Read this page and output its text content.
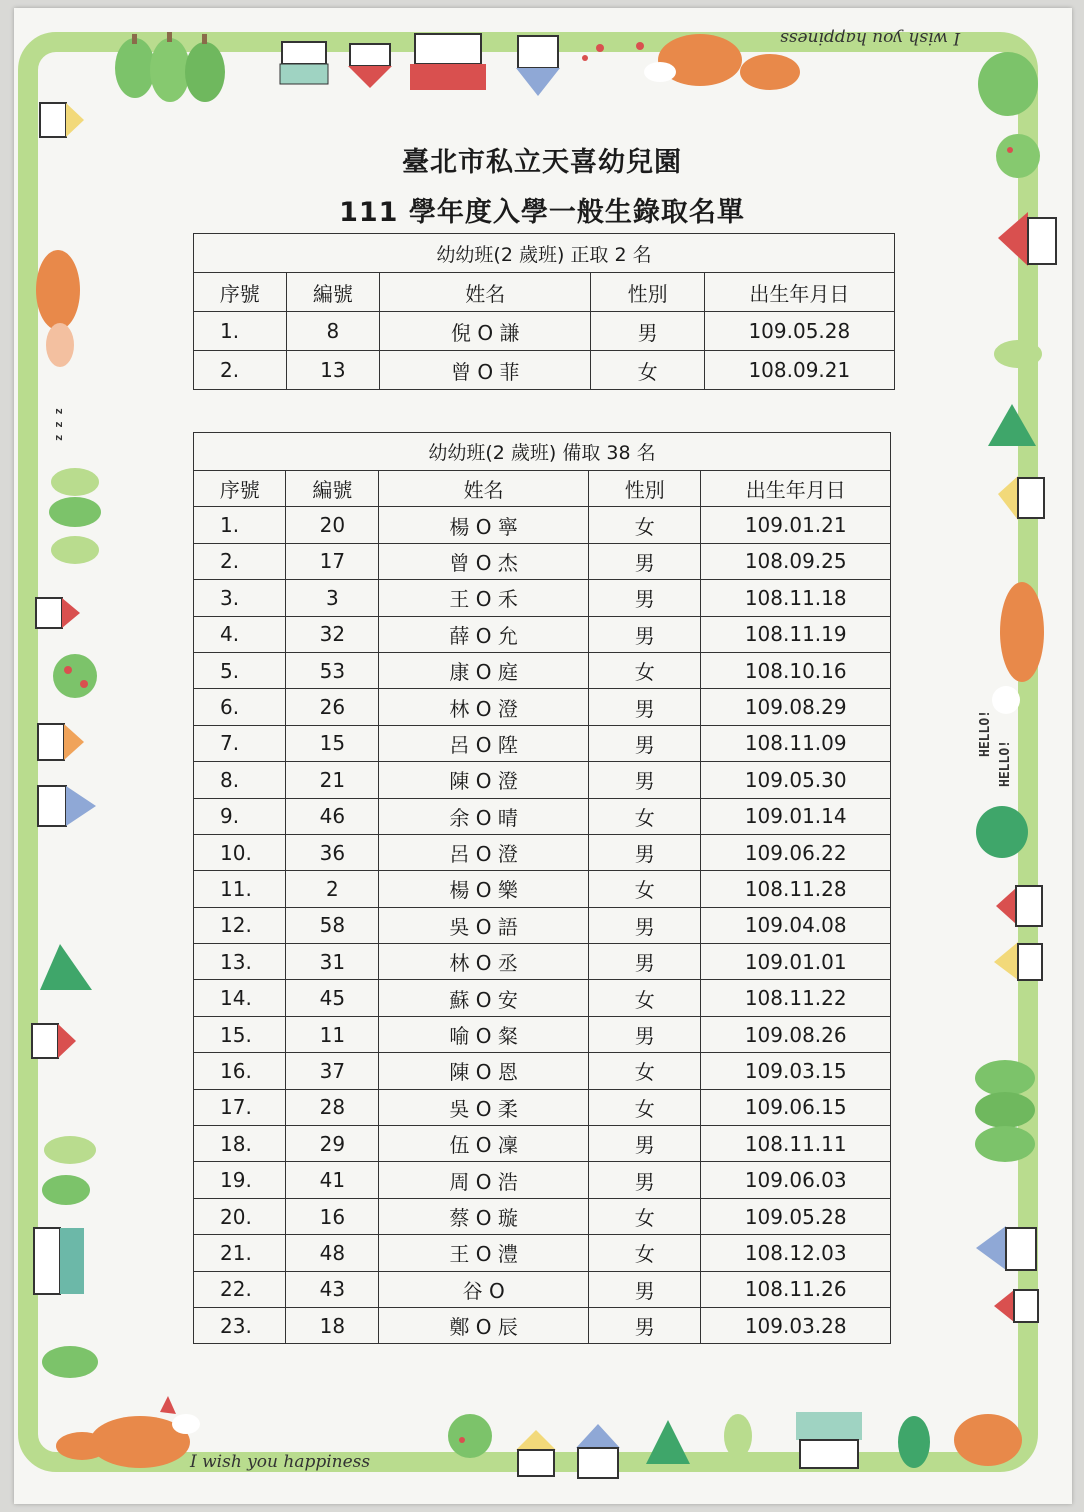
I wish you happiness
I wish you happiness
HELLO!
HELLO!
z z z
臺北市私立天喜幼兒園
111 學年度入學一般生錄取名單
幼幼班(2 歲班) 正取 2 名				
序號	編號	姓名	性別	出生年月日
1.	8	倪 O 謙	男	109.05.28
2.	13	曾 O 菲	女	108.09.21
幼幼班(2 歲班) 備取 38 名				
序號	編號	姓名	性別	出生年月日
1.	20	楊 O 寧	女	109.01.21
2.	17	曾 O 杰	男	108.09.25
3.	3	王 O 禾	男	108.11.18
4.	32	薛 O 允	男	108.11.19
5.	53	康 O 庭	女	108.10.16
6.	26	林 O 澄	男	109.08.29
7.	15	呂 O 陞	男	108.11.09
8.	21	陳 O 澄	男	109.05.30
9.	46	余 O 晴	女	109.01.14
10.	36	呂 O 澄	男	109.06.22
11.	2	楊 O 樂	女	108.11.28
12.	58	吳 O 語	男	109.04.08
13.	31	林 O 丞	男	109.01.01
14.	45	蘇 O 安	女	108.11.22
15.	11	喻 O 粲	男	109.08.26
16.	37	陳 O 恩	女	109.03.15
17.	28	吳 O 柔	女	109.06.15
18.	29	伍 O 凜	男	108.11.11
19.	41	周 O 浩	男	109.06.03
20.	16	蔡 O 璇	女	109.05.28
21.	48	王 O 澧	女	108.12.03
22.	43	谷 O	男	108.11.26
23.	18	鄭 O 辰	男	109.03.28
